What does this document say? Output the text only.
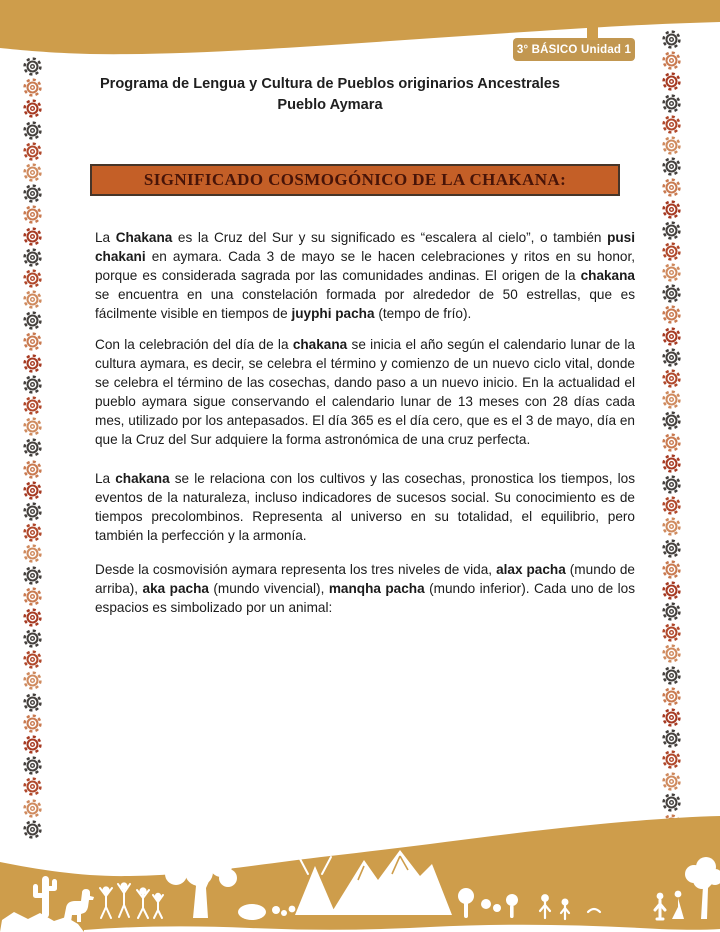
3° BÁSICO Unidad 1
Programa de Lengua y Cultura de Pueblos originarios Ancestrales
Pueblo Aymara
SIGNIFICADO COSMOGÓNICO DE LA CHAKANA:

La Chakana es la Cruz del Sur y su significado es “escalera al cielo”, o también pusi chakani en aymara. Cada 3 de mayo se le hacen celebraciones y ritos en su honor, porque es considerada sagrada por las comunidades andinas. El origen de la chakana se encuentra en una constelación formada por alrededor de 50 estrellas, que es fácilmente visible en tiempos de juyphi pacha (tempo de frío).

Con la celebración del día de la chakana se inicia el año según el calendario lunar de la cultura aymara, es decir, se celebra el término y comienzo de un nuevo ciclo vital, donde se celebra el término de las cosechas, dando paso a un nuevo inicio. En la actualidad el pueblo aymara sigue conservando el calendario lunar de 13 meses con 28 días cada mes, utilizado por los antepasados. El día 365 es el día cero, que es el 3 de mayo, día en que la Cruz del Sur adquiere la forma astronómica de una cruz perfecta.

La chakana se le relaciona con los cultivos y las cosechas, pronostica los tiempos, los eventos de la naturaleza, incluso indicadores de sucesos social. Su conocimiento es de tiempos precolombinos. Representa al universo en su totalidad, el equilibrio, pero también la perfección y la armonía.

Desde la cosmovisión aymara representa los tres niveles de vida, alax pacha (mundo de arriba), aka pacha (mundo vivencial), manqha pacha (mundo inferior). Cada uno de los espacios es simbolizado por un animal:
